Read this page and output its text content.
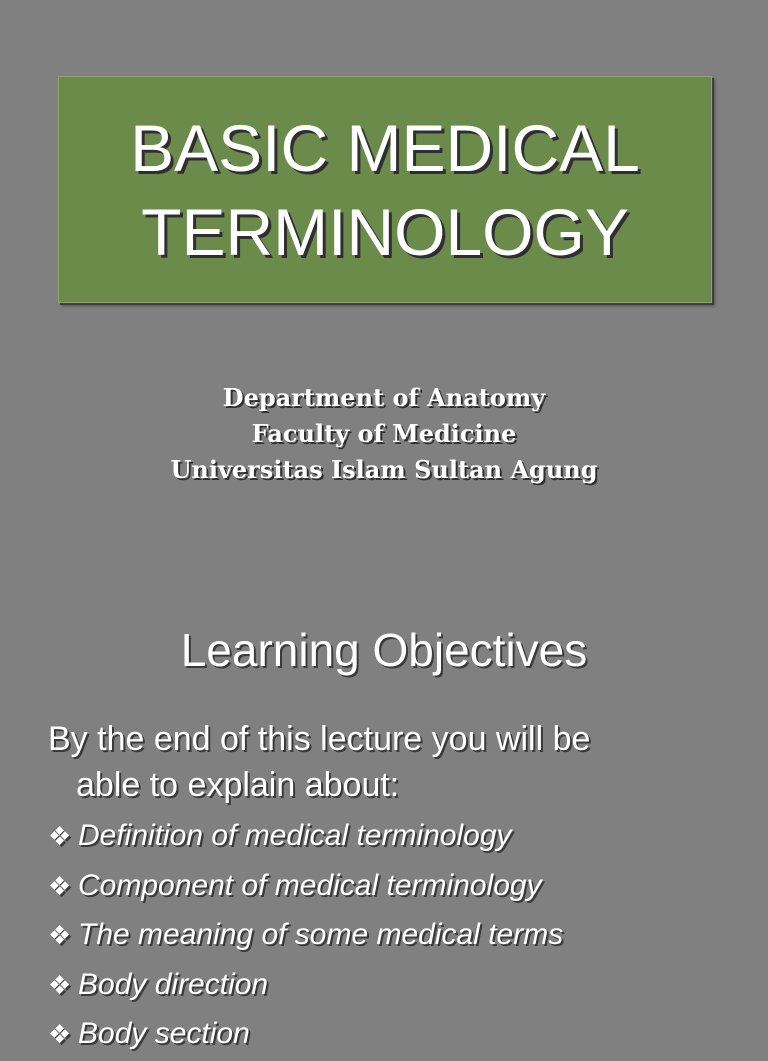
BASIC MEDICAL
TERMINOLOGY
Department of Anatomy
Faculty of Medicine
Universitas Islam Sultan Agung
Learning Objectives
By the end of this lecture you will be
able to explain about:
❖ Definition of medical terminology
❖ Component of medical terminology
❖ The meaning of some medical terms
❖ Body direction
❖ Body section
